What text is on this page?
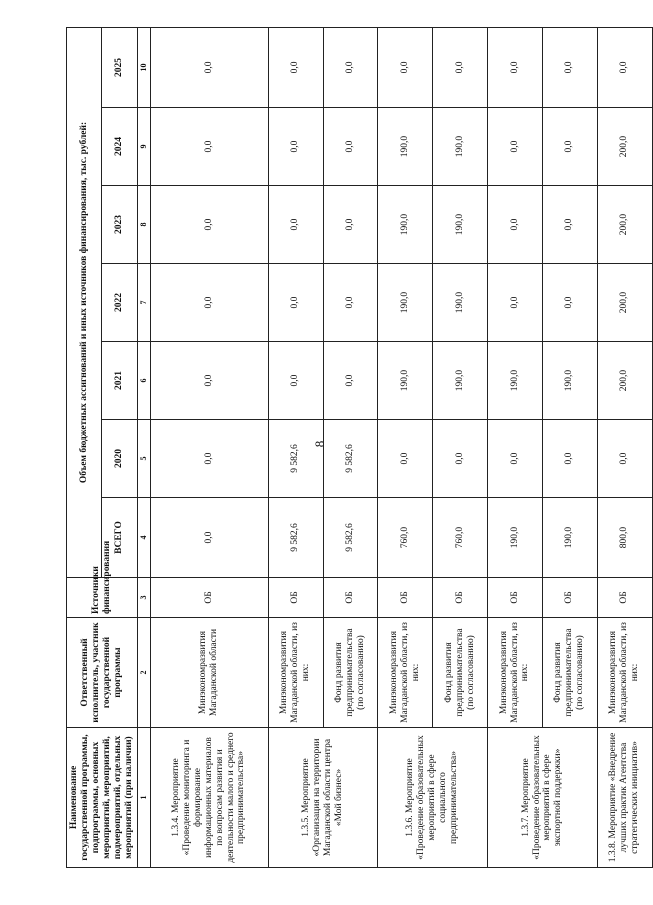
8
Наименование государственной программы, подпрограммы, основных мероприятий, мероприятий, подмероприятий, отдельных мероприятий (при наличии)	Ответственный исполнитель, участник государственной программы	Источники финансирования	Объем бюджетных ассигнований и иных источников финансирования, тыс. рублей:						
			ВСЕГО	2020	2021	2022	2023	2024	2025
1	2	3	4	5	6	7	8	9	10
1.3.4. Мероприятие «Проведение мониторинга и формирование информационных материалов по вопросам развития и деятельности малого и среднего предпринимательства»	Минэкономразвития Магаданской области	ОБ	0,0	0,0	0,0	0,0	0,0	0,0	0,0
1.3.5. Мероприятие «Организация на территории Магаданской области центра «Мой бизнес»	Минэкономразвития Магаданской области, из них:	ОБ	9 582,6	9 582,6	0,0	0,0	0,0	0,0	0,0
	Фонд развития предпринимательства (по согласованию)	ОБ	9 582,6	9 582,6	0,0	0,0	0,0	0,0	0,0
1.3.6. Мероприятие «Проведение образовательных мероприятий в сфере социального предпринимательства»	Минэкономразвития Магаданской области, из них:	ОБ	760,0	0,0	190,0	190,0	190,0	190,0	0,0
	Фонд развития предпринимательства (по согласованию)	ОБ	760,0	0,0	190,0	190,0	190,0	190,0	0,0
1.3.7. Мероприятие «Проведение образовательных мероприятий в сфере экспортной поддержки»	Минэкономразвития Магаданской области, из них:	ОБ	190,0	0,0	190,0	0,0	0,0	0,0	0,0
	Фонд развития предпринимательства (по согласованию)	ОБ	190,0	0,0	190,0	0,0	0,0	0,0	0,0
1.3.8. Мероприятие «Внедрение лучших практик Агентства стратегических инициатив»	Минэкономразвития Магаданской области, из них:	ОБ	800,0	0,0	200,0	200,0	200,0	200,0	0,0
